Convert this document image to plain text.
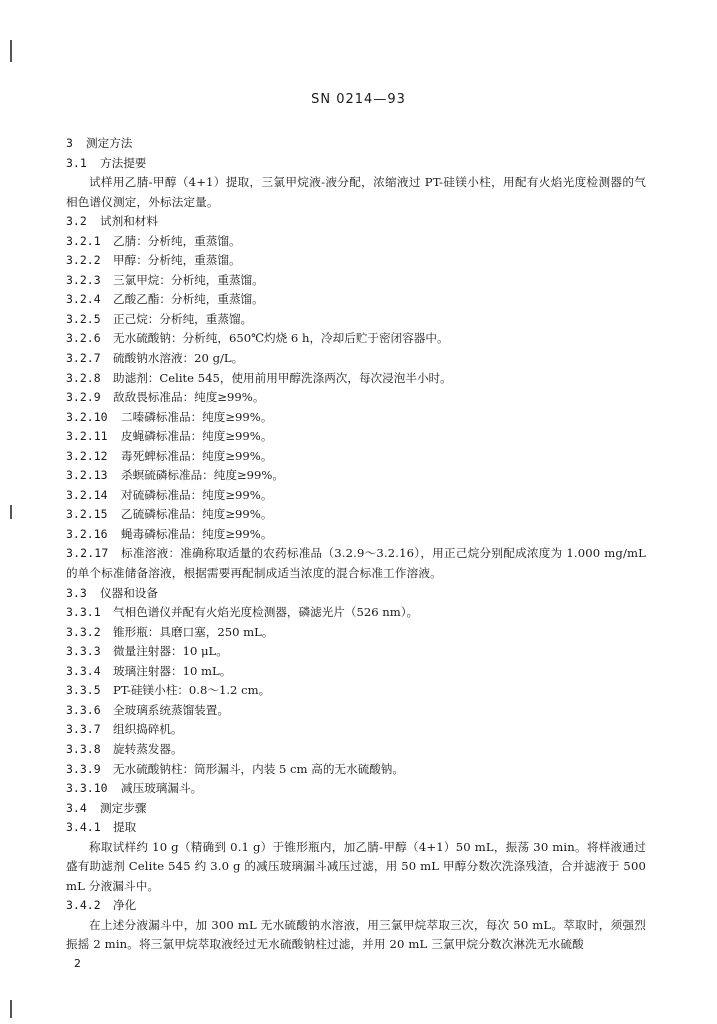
SN 0214—93
3 测定方法
3.1 方法提要
试样用乙腈-甲醇（4+1）提取，三氯甲烷液-液分配，浓缩液过 PT-硅镁小柱，用配有火焰光度检测器的气相色谱仪测定，外标法定量。
3.2 试剂和材料
3.2.1 乙腈：分析纯，重蒸馏。
3.2.2 甲醇：分析纯，重蒸馏。
3.2.3 三氯甲烷：分析纯，重蒸馏。
3.2.4 乙酸乙酯：分析纯，重蒸馏。
3.2.5 正己烷：分析纯，重蒸馏。
3.2.6 无水硫酸钠：分析纯，650℃灼烧 6 h，冷却后贮于密闭容器中。
3.2.7 硫酸钠水溶液：20 g/L。
3.2.8 助滤剂：Celite 545，使用前用甲醇洗涤两次，每次浸泡半小时。
3.2.9 敌敌畏标准品：纯度≥99%。
3.2.10 二嗪磷标准品：纯度≥99%。
3.2.11 皮蝇磷标准品：纯度≥99%。
3.2.12 毒死蜱标准品：纯度≥99%。
3.2.13 杀螟硫磷标准品：纯度≥99%。
3.2.14 对硫磷标准品：纯度≥99%。
3.2.15 乙硫磷标准品：纯度≥99%。
3.2.16 蝇毒磷标准品：纯度≥99%。
3.2.17 标准溶液：准确称取适量的农药标准品（3.2.9～3.2.16），用正己烷分别配成浓度为 1.000 mg/mL的单个标准储备溶液，根据需要再配制成适当浓度的混合标准工作溶液。
3.3 仪器和设备
3.3.1 气相色谱仪并配有火焰光度检测器，磷滤光片（526 nm）。
3.3.2 锥形瓶：具磨口塞，250 mL。
3.3.3 微量注射器：10 μL。
3.3.4 玻璃注射器：10 mL。
3.3.5 PT-硅镁小柱：0.8～1.2 cm。
3.3.6 全玻璃系统蒸馏装置。
3.3.7 组织捣碎机。
3.3.8 旋转蒸发器。
3.3.9 无水硫酸钠柱：筒形漏斗，内装 5 cm 高的无水硫酸钠。
3.3.10 减压玻璃漏斗。
3.4 测定步骤
3.4.1 提取
称取试样约 10 g（精确到 0.1 g）于锥形瓶内，加乙腈-甲醇（4+1）50 mL，振荡 30 min。将样液通过盛有助滤剂 Celite 545 约 3.0 g 的减压玻璃漏斗减压过滤，用 50 mL 甲醇分数次洗涤残渣，合并滤液于 500 mL 分液漏斗中。
3.4.2 净化
在上述分液漏斗中，加 300 mL 无水硫酸钠水溶液，用三氯甲烷萃取三次，每次 50 mL。萃取时，须强烈振摇 2 min。将三氯甲烷萃取液经过无水硫酸钠柱过滤，并用 20 mL 三氯甲烷分数次淋洗无水硫酸
2
